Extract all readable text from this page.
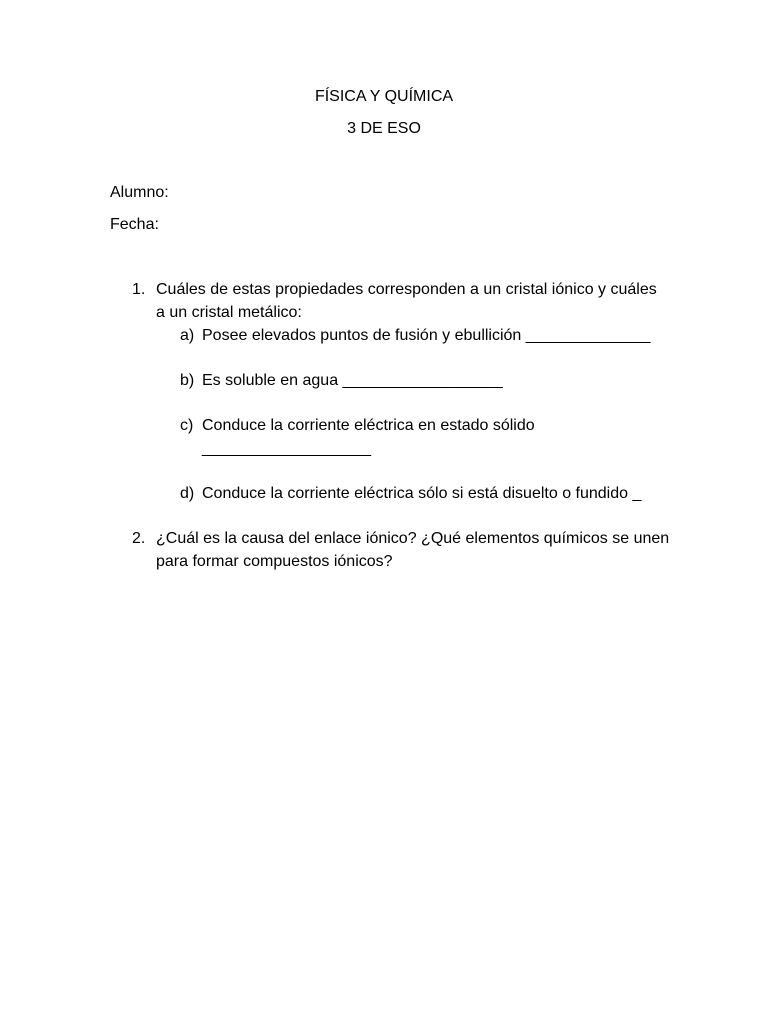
FÍSICA Y QUÍMICA
3 DE ESO
Alumno:
Fecha:
1. Cuáles de estas propiedades corresponden a un cristal iónico y cuáles a un cristal metálico:
a) Posee elevados puntos de fusión y ebullición ______________
b) Es soluble en agua __________________
c) Conduce la corriente eléctrica en estado sólido ___________________
d) Conduce la corriente eléctrica sólo si está disuelto o fundido _
2. ¿Cuál es la causa del enlace iónico? ¿Qué elementos químicos se unen para formar compuestos iónicos?
